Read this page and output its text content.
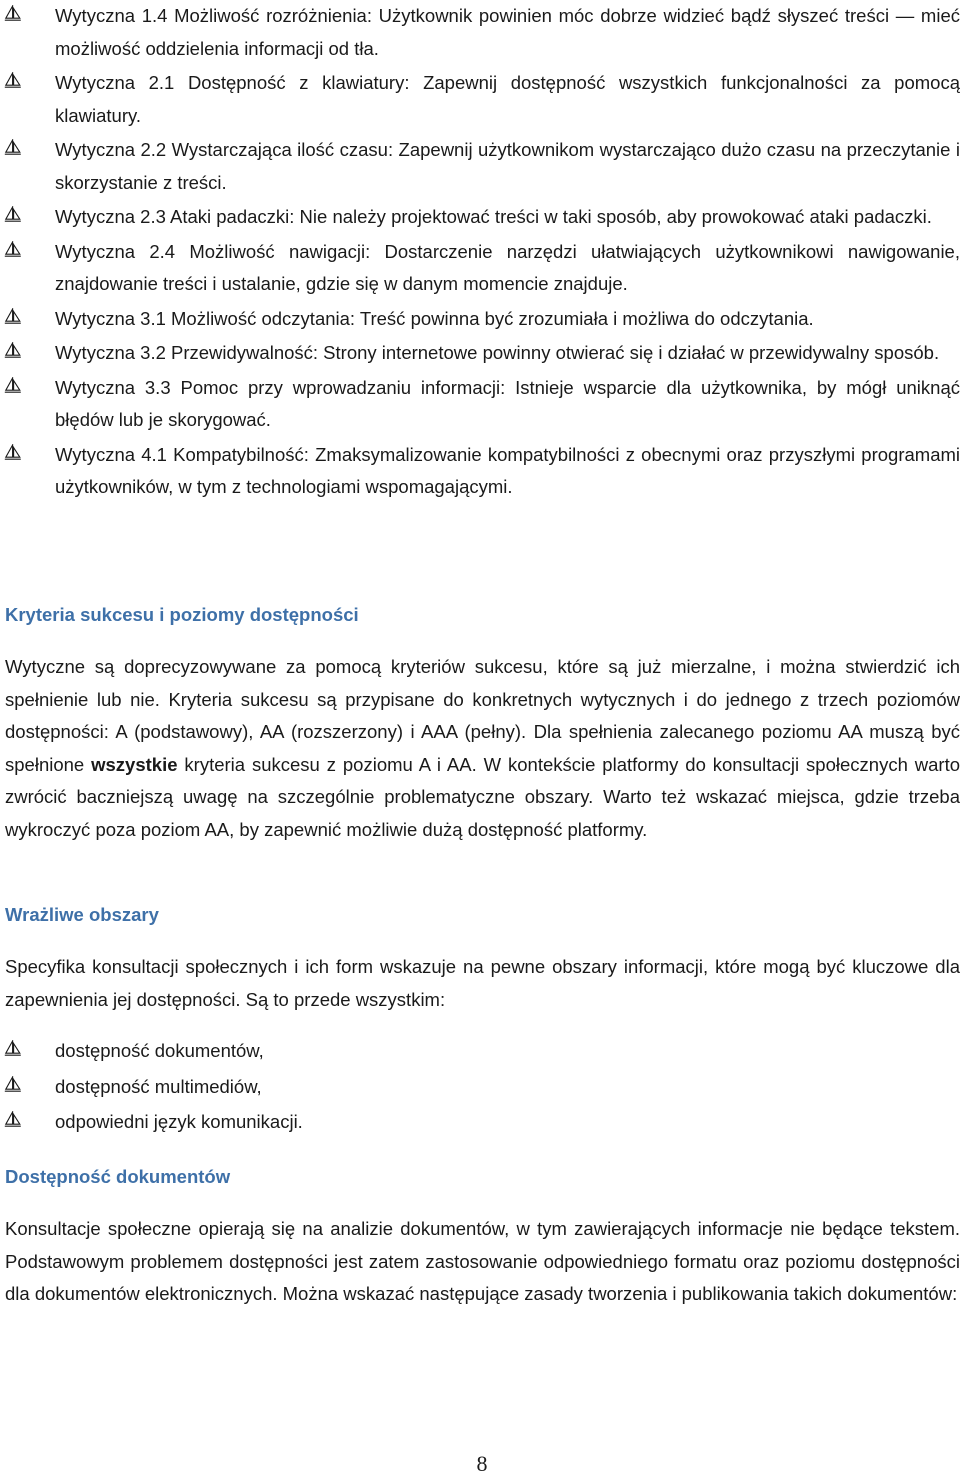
Wytyczna 1.4 Możliwość rozróżnienia: Użytkownik powinien móc dobrze widzieć bądź słyszeć treści — mieć możliwość oddzielenia informacji od tła.
Wytyczna 2.1 Dostępność z klawiatury: Zapewnij dostępność wszystkich funkcjonalności za pomocą klawiatury.
Wytyczna 2.2 Wystarczająca ilość czasu: Zapewnij użytkownikom wystarczająco dużo czasu na przeczytanie i skorzystanie z treści.
Wytyczna 2.3 Ataki padaczki: Nie należy projektować treści w taki sposób, aby prowokować ataki padaczki.
Wytyczna 2.4 Możliwość nawigacji: Dostarczenie narzędzi ułatwiających użytkownikowi nawigowanie, znajdowanie treści i ustalanie, gdzie się w danym momencie znajduje.
Wytyczna 3.1 Możliwość odczytania: Treść powinna być zrozumiała i możliwa do odczytania.
Wytyczna 3.2 Przewidywalność: Strony internetowe powinny otwierać się i działać w przewidywalny sposób.
Wytyczna 3.3 Pomoc przy wprowadzaniu informacji: Istnieje wsparcie dla użytkownika, by mógł uniknąć błędów lub je skorygować.
Wytyczna 4.1 Kompatybilność: Zmaksymalizowanie kompatybilności z obecnymi oraz przyszłymi programami użytkowników, w tym z technologiami wspomagającymi.
Kryteria sukcesu i poziomy dostępności

Wytyczne są doprecyzowywane za pomocą kryteriów sukcesu, które są już mierzalne, i można stwierdzić ich spełnienie lub nie. Kryteria sukcesu są przypisane do konkretnych wytycznych i do jednego z trzech poziomów dostępności: A (podstawowy), AA (rozszerzony) i AAA (pełny). Dla spełnienia zalecanego poziomu AA muszą być spełnione wszystkie kryteria sukcesu z poziomu A i AA. W kontekście platformy do konsultacji społecznych warto zwrócić baczniejszą uwagę na szczególnie problematyczne obszary. Warto też wskazać miejsca, gdzie trzeba wykroczyć poza poziom AA, by zapewnić możliwie dużą dostępność platformy.

Wrażliwe obszary

Specyfika konsultacji społecznych i ich form wskazuje na pewne obszary informacji, które mogą być kluczowe dla zapewnienia jej dostępności. Są to przede wszystkim:

dostępność dokumentów,
dostępność multimediów,
odpowiedni język komunikacji.
Dostępność dokumentów

Konsultacje społeczne opierają się na analizie dokumentów, w tym zawierających informacje nie będące tekstem. Podstawowym problemem dostępności jest zatem zastosowanie odpowiedniego formatu oraz poziomu dostępności dla dokumentów elektronicznych. Można wskazać następujące zasady tworzenia i publikowania takich dokumentów:

8
